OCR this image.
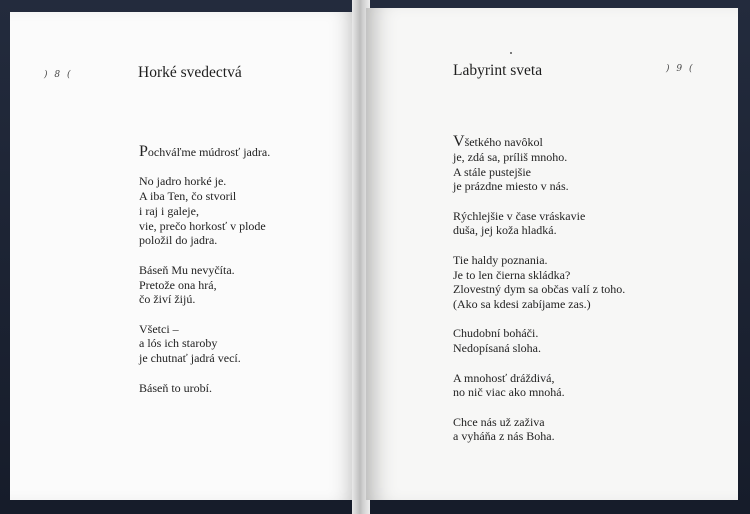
) 8 (	Horké svedectvá
Pochváľme múdrosť jadra.
No jadro horké je.
A iba Ten, čo stvoril
i raj i galeje,
vie, prečo horkosť v plode
položil do jadra.
Báseň Mu nevyčíta.
Pretože ona hrá,
čo živí žijú.
Všetci –
a lós ich staroby
je chutnať jadrá vecí.
Báseň to urobí.
) 9 (
Labyrint sveta
Všetkého navôkol
je, zdá sa, príliš mnoho.
A stále pustejšie
je prázdne miesto v nás.
Rýchlejšie v čase vráskavie
duša, jej koža hladká.
Tie haldy poznania.
Je to len čierna skládka?
Zlovestný dym sa občas valí z toho.
(Ako sa kdesi zabíjame zas.)
Chudobní boháči.
Nedopísaná sloha.
A mnohosť dráždivá,
no nič viac ako mnohá.
Chce nás už zaživa
a vyháňa z nás Boha.
